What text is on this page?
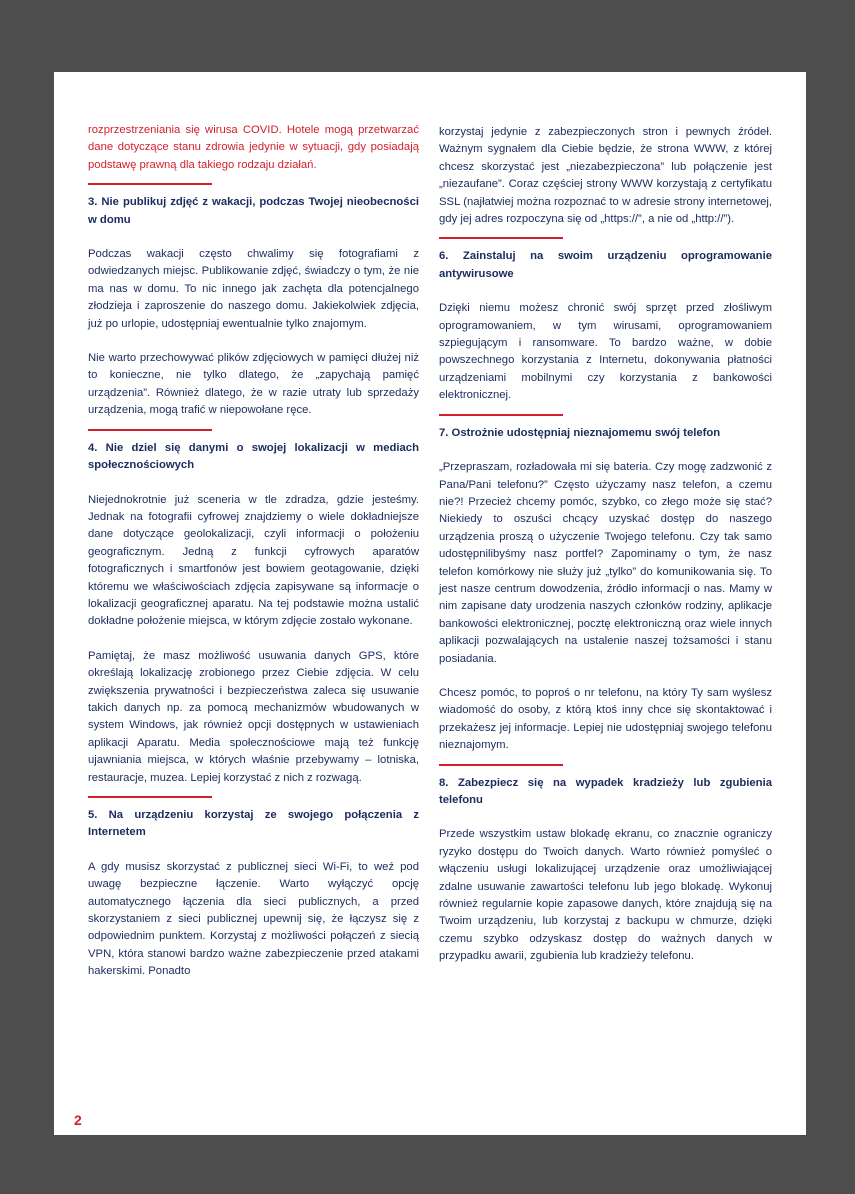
rozprzestrzeniania się wirusa COVID. Hotele mogą przetwarzać dane dotyczące stanu zdrowia jedynie w sytuacji, gdy posiadają podstawę prawną dla takiego rodzaju działań.

3. Nie publikuj zdjęć z wakacji, podczas Twojej nieobecności w domu

Podczas wakacji często chwalimy się fotografiami z odwiedzanych miejsc. Publikowanie zdjęć, świadczy o tym, że nie ma nas w domu. To nic innego jak zachęta dla potencjalnego złodzieja i zaproszenie do naszego domu. Jakiekolwiek zdjęcia, już po urlopie, udostępniaj ewentualnie tylko znajomym.

Nie warto przechowywać plików zdjęciowych w pamięci dłużej niż to konieczne, nie tylko dlatego, że „zapychają pamięć urządzenia”. Również dlatego, że w razie utraty lub sprzedaży urządzenia, mogą trafić w niepowołane ręce.

4. Nie dziel się danymi o swojej lokalizacji w mediach społecznościowych

Niejednokrotnie już sceneria w tle zdradza, gdzie jesteśmy. Jednak na fotografii cyfrowej znajdziemy o wiele dokładniejsze dane dotyczące geolokalizacji, czyli informacji o położeniu geograficznym. Jedną z funkcji cyfrowych aparatów fotograficznych i smartfonów jest bowiem geotagowanie, dzięki któremu we właściwościach zdjęcia zapisywane są informacje o lokalizacji geograficznej aparatu. Na tej podstawie można ustalić dokładne położenie miejsca, w którym zdjęcie zostało wykonane.

Pamiętaj, że masz możliwość usuwania danych GPS, które określają lokalizację zrobionego przez Ciebie zdjęcia. W celu zwiększenia prywatności i bezpieczeństwa zaleca się usuwanie takich danych np. za pomocą mechanizmów wbudowanych w system Windows, jak również opcji dostępnych w ustawieniach aplikacji Aparatu. Media społecznościowe mają też funkcję ujawniania miejsca, w których właśnie przebywamy – lotniska, restauracje, muzea. Lepiej korzystać z nich z rozwagą.

5. Na urządzeniu korzystaj ze swojego połączenia z Internetem

A gdy musisz skorzystać z publicznej sieci Wi-Fi, to weź pod uwagę bezpieczne łączenie. Warto wyłączyć opcję automatycznego łączenia dla sieci publicznych, a przed skorzystaniem z sieci publicznej upewnij się, że łączysz się z odpowiednim punktem. Korzystaj z możliwości połączeń z siecią VPN, która stanowi bardzo ważne zabezpieczenie przed atakami hakerskimi. Ponadto

korzystaj jedynie z zabezpieczonych stron i pewnych źródeł. Ważnym sygnałem dla Ciebie będzie, że strona WWW, z której chcesz skorzystać jest „niezabezpieczona” lub połączenie jest „niezaufane”. Coraz częściej strony WWW korzystają z certyfikatu SSL (najłatwiej można rozpoznać to w adresie strony internetowej, gdy jej adres rozpoczyna się od „https://”, a nie od „http://”).

6. Zainstaluj na swoim urządzeniu oprogramowanie antywirusowe

Dzięki niemu możesz chronić swój sprzęt przed złośliwym oprogramowaniem, w tym wirusami, oprogramowaniem szpiegującym i ransomware. To bardzo ważne, w dobie powszechnego korzystania z Internetu, dokonywania płatności urządzeniami mobilnymi czy korzystania z bankowości elektronicznej.

7. Ostrożnie udostępniaj nieznajomemu swój telefon

„Przepraszam, rozładowała mi się bateria. Czy mogę zadzwonić z Pana/Pani telefonu?” Często użyczamy nasz telefon, a czemu nie?! Przecież chcemy pomóc, szybko, co złego może się stać? Niekiedy to oszuści chcący uzyskać dostęp do naszego urządzenia proszą o użyczenie Twojego telefonu. Czy tak samo udostępnilibyśmy nasz portfel? Zapominamy o tym, że nasz telefon komórkowy nie służy już „tylko” do komunikowania się. To jest nasze centrum dowodzenia, źródło informacji o nas. Mamy w nim zapisane daty urodzenia naszych członków rodziny, aplikacje bankowości elektronicznej, pocztę elektroniczną oraz wiele innych aplikacji pozwalających na ustalenie naszej tożsamości i stanu posiadania.

Chcesz pomóc, to poproś o nr telefonu, na który Ty sam wyślesz wiadomość do osoby, z którą ktoś inny chce się skontaktować i przekażesz jej informacje. Lepiej nie udostępniaj swojego telefonu nieznajomym.

8. Zabezpiecz się na wypadek kradzieży lub zgubienia telefonu

Przede wszystkim ustaw blokadę ekranu, co znacznie ograniczy ryzyko dostępu do Twoich danych. Warto również pomyśleć o włączeniu usługi lokalizującej urządzenie oraz umożliwiającej zdalne usuwanie zawartości telefonu lub jego blokadę. Wykonuj również regularnie kopie zapasowe danych, które znajdują się na Twoim urządzeniu, lub korzystaj z backupu w chmurze, dzięki czemu szybko odzyskasz dostęp do ważnych danych w przypadku awarii, zgubienia lub kradzieży telefonu.

2
